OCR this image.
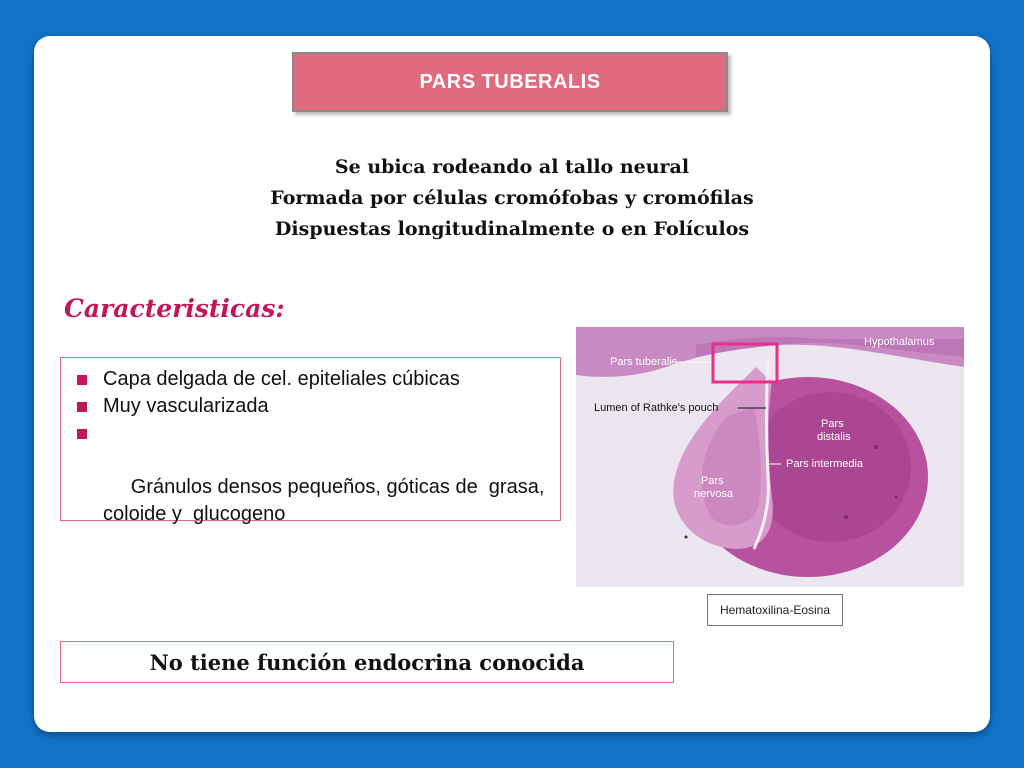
PARS TUBERALIS
Se ubica rodeando al tallo neural
Formada por células cromófobas y cromófilas
Dispuestas longitudinalmente o en Folículos
Caracteristicas:
Capa delgada de cel. epiteliales cúbicas
Muy vascularizada

Gránulos densos pequeños, góticas de  grasa, coloide y  glucogeno

Hypothalamus
Pars tuberalis
Lumen of Rathke's pouch
Pars
distalis
Pars intermedia
Pars
nervosa
Hematoxilina-Eosina
No tiene función endocrina conocida
